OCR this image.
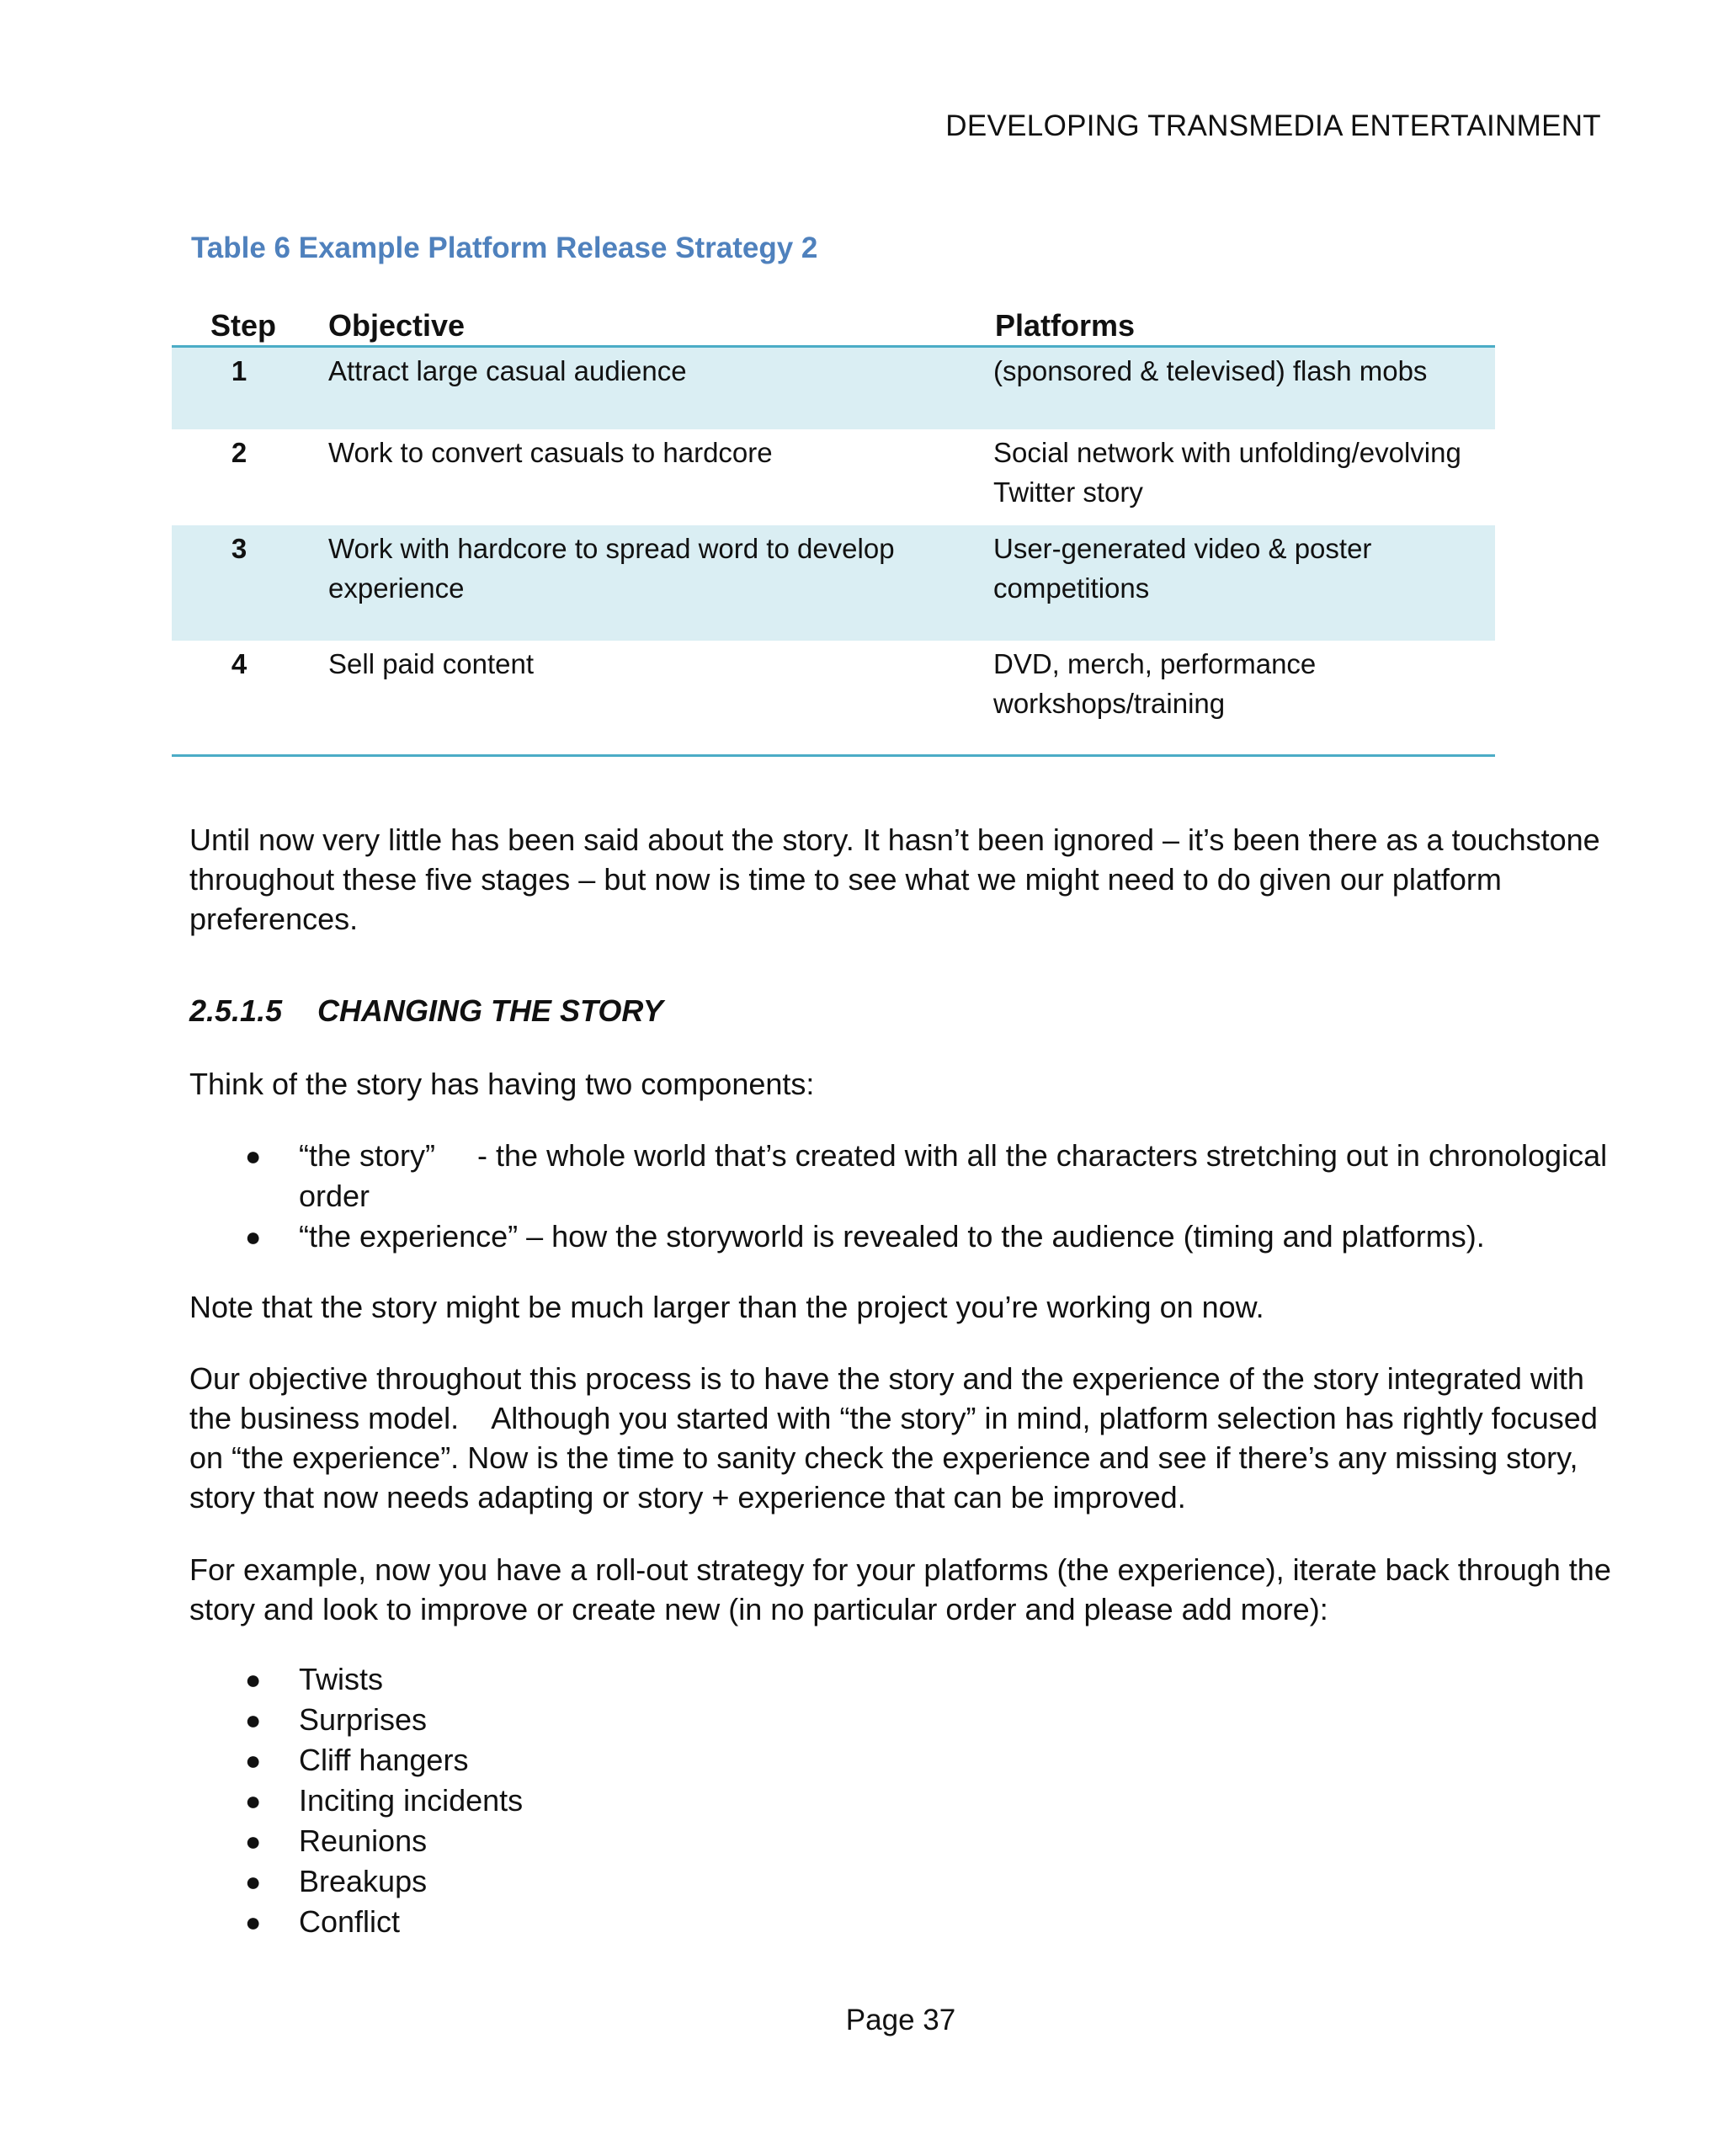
DEVELOPING TRANSMEDIA ENTERTAINMENT
Table 6 Example Platform Release Strategy 2
Step	Objective	Platforms
1	Attract large casual audience	(sponsored & televised) flash mobs
2	Work to convert casuals to hardcore	Social network with unfolding/evolving Twitter story
3	Work with hardcore to spread word to develop experience	User-generated video & poster competitions
4	Sell paid content	DVD, merch, performance workshops/training

Until now very little has been said about the story. It hasn’t been ignored – it’s been there as a touchstone throughout these five stages – but now is time to see what we might need to do given our platform preferences.

2.5.1.5 CHANGING THE STORY

Think of the story has having two components:

● “the story”     - the whole world that’s created with all the characters stretching out in chronological order
● “the experience” – how the storyworld is revealed to the audience (timing and platforms).

Note that the story might be much larger than the project you’re working on now.

Our objective throughout this process is to have the story and the experience of the story integrated with the business model.    Although you started with “the story” in mind, platform selection has rightly focused on “the experience”. Now is the time to sanity check the experience and see if there’s any missing story, story that now needs adapting or story + experience that can be improved.

For example, now you have a roll-out strategy for your platforms (the experience), iterate back through the story and look to improve or create new (in no particular order and please add more):

● Twists
● Surprises
● Cliff hangers
● Inciting incidents
● Reunions
● Breakups
● Conflict
Page 37
